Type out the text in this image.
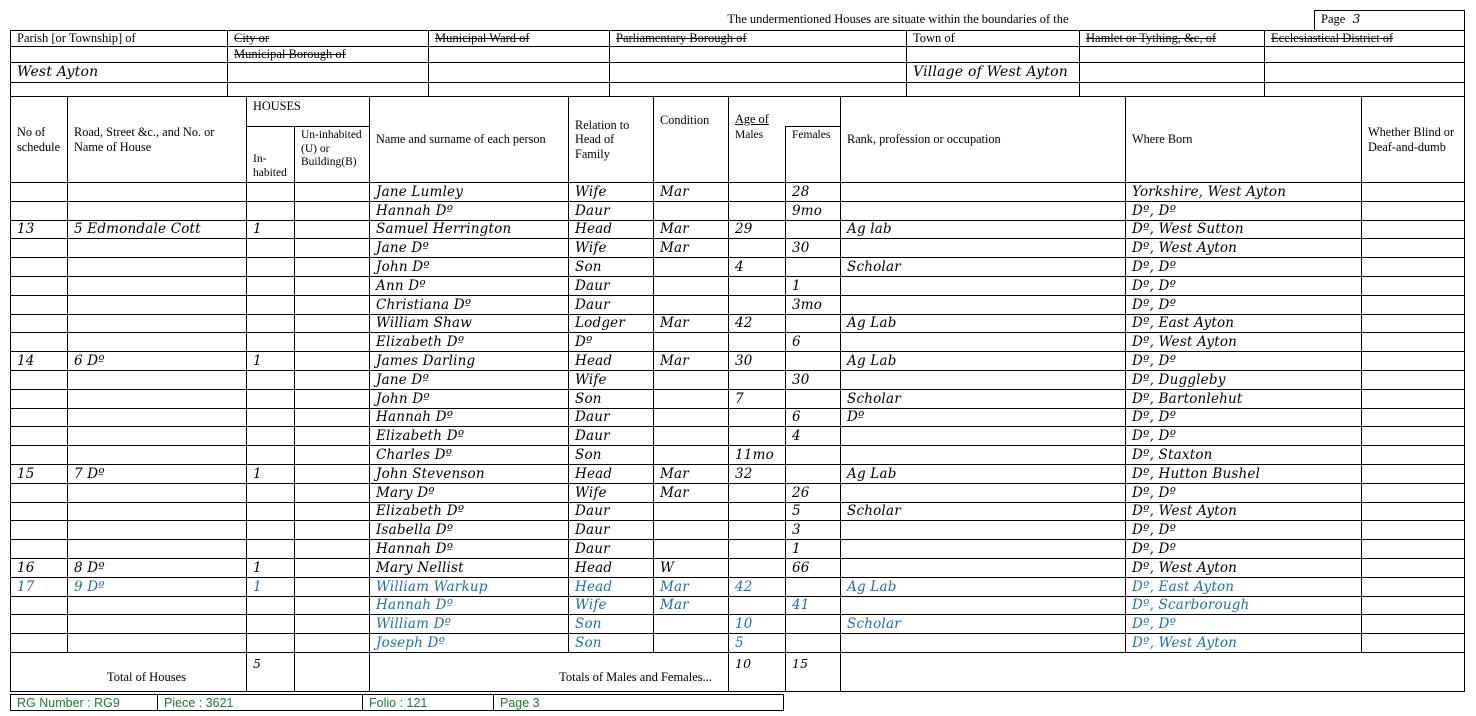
The undermentioned Houses are situate within the boundaries of the							Page 3
Parish [or Township] of	City or	Municipal Ward of	Parliamentary Borough of	Town of	Hamlet or Tything, &c, of	Ecclesiastical District of	
	Municipal Borough of						
West Ayton				Village of West Ayton			

No of schedule	Road, Street &c., and No. or Name of House	HOUSES		Name and surname of each person	Relation to Head of Family	Condition	Age of		Rank, profession or occupation	Where Born	Whether Blind or Deaf-and-dumb
		In-habited	Un-inhabited (U) or Building(B)				Males	Females			
				Jane Lumley	Wife	Mar		28		Yorkshire, West Ayton	
				Hannah Dº	Daur			9mo		Dº, Dº	
13	5 Edmondale Cott	1		Samuel Herrington	Head	Mar	29		Ag lab	Dº, West Sutton	
				Jane Dº	Wife	Mar		30		Dº, West Ayton	
				John Dº	Son		4		Scholar	Dº, Dº	
				Ann Dº	Daur			1		Dº, Dº	
				Christiana Dº	Daur			3mo		Dº, Dº	
				William Shaw	Lodger	Mar	42		Ag Lab	Dº, East Ayton	
				Elizabeth Dº	Dº			6		Dº, West Ayton	
14	6 Dº	1		James Darling	Head	Mar	30		Ag Lab	Dº, Dº	
				Jane Dº	Wife			30		Dº, Duggleby	
				John Dº	Son		7		Scholar	Dº, Bartonlehut	
				Hannah Dº	Daur			6	Dº	Dº, Dº	
				Elizabeth Dº	Daur			4		Dº, Dº	
				Charles Dº	Son		11mo			Dº, Staxton	
15	7 Dº	1		John Stevenson	Head	Mar	32		Ag Lab	Dº, Hutton Bushel	
				Mary Dº	Wife	Mar		26		Dº, Dº	
				Elizabeth Dº	Daur			5	Scholar	Dº, West Ayton	
				Isabella Dº	Daur			3		Dº, Dº	
				Hannah Dº	Daur			1		Dº, Dº	
16	8 Dº	1		Mary Nellist	Head	W		66		Dº, West Ayton	
17	9 Dº	1		William Warkup	Head	Mar	42		Ag Lab	Dº, East Ayton	
				Hannah Dº	Wife	Mar		41		Dº, Scarborough	
				William Dº	Son		10		Scholar	Dº, Dº	
				Joseph Dº	Son		5			Dº, West Ayton	
Total of Houses		5		Totals of Males and Females...			10	15			
RG Number : RG9	Piece : 3621	Folio : 121	Page 3
